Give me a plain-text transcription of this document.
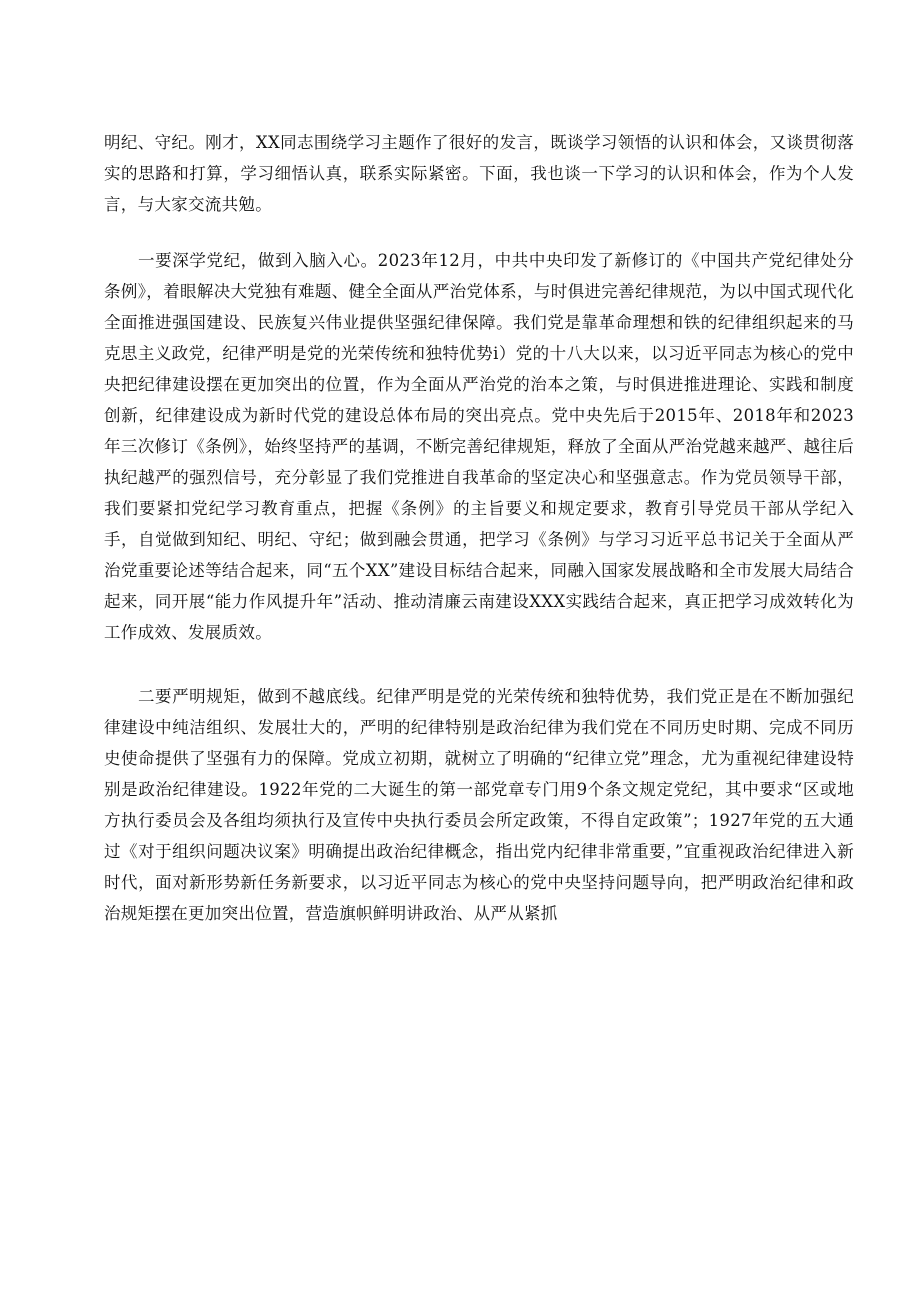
明纪、守纪。刚才，XX同志围绕学习主题作了很好的发言，既谈学习领悟的认识和体会，又谈贯彻落实的思路和打算，学习细悟认真，联系实际紧密。下面，我也谈一下学习的认识和体会，作为个人发言，与大家交流共勉。

一要深学党纪，做到入脑入心。2023年12月，中共中央印发了新修订的《中国共产党纪律处分条例》，着眼解决大党独有难题、健全全面从严治党体系，与时俱进完善纪律规范，为以中国式现代化全面推进强国建设、民族复兴伟业提供坚强纪律保障。我们党是靠革命理想和铁的纪律组织起来的马克思主义政党，纪律严明是党的光荣传统和独特优势i）党的十八大以来，以习近平同志为核心的党中央把纪律建设摆在更加突出的位置，作为全面从严治党的治本之策，与时俱进推进理论、实践和制度创新，纪律建设成为新时代党的建设总体布局的突出亮点。党中央先后于2015年、2018年和2023年三次修订《条例》，始终坚持严的基调，不断完善纪律规矩，释放了全面从严治党越来越严、越往后执纪越严的强烈信号，充分彰显了我们党推进自我革命的坚定决心和坚强意志。作为党员领导干部，我们要紧扣党纪学习教育重点，把握《条例》的主旨要义和规定要求，教育引导党员干部从学纪入手，自觉做到知纪、明纪、守纪；做到融会贯通，把学习《条例》与学习习近平总书记关于全面从严治党重要论述等结合起来，同“五个XX”建设目标结合起来，同融入国家发展战略和全市发展大局结合起来，同开展“能力作风提升年”活动、推动清廉云南建设XXX实践结合起来，真正把学习成效转化为工作成效、发展质效。

二要严明规矩，做到不越底线。纪律严明是党的光荣传统和独特优势，我们党正是在不断加强纪律建设中纯洁组织、发展壮大的，严明的纪律特别是政治纪律为我们党在不同历史时期、完成不同历史使命提供了坚强有力的保障。党成立初期，就树立了明确的“纪律立党”理念，尤为重视纪律建设特别是政治纪律建设。1922年党的二大诞生的第一部党章专门用9个条文规定党纪，其中要求“区或地方执行委员会及各组均须执行及宣传中央执行委员会所定政策，不得自定政策”；1927年党的五大通过《对于组织问题决议案》明确提出政治纪律概念，指出党内纪律非常重要，”宜重视政治纪律进入新时代，面对新形势新任务新要求，以习近平同志为核心的党中央坚持问题导向，把严明政治纪律和政治规矩摆在更加突出位置，营造旗帜鲜明讲政治、从严从紧抓
